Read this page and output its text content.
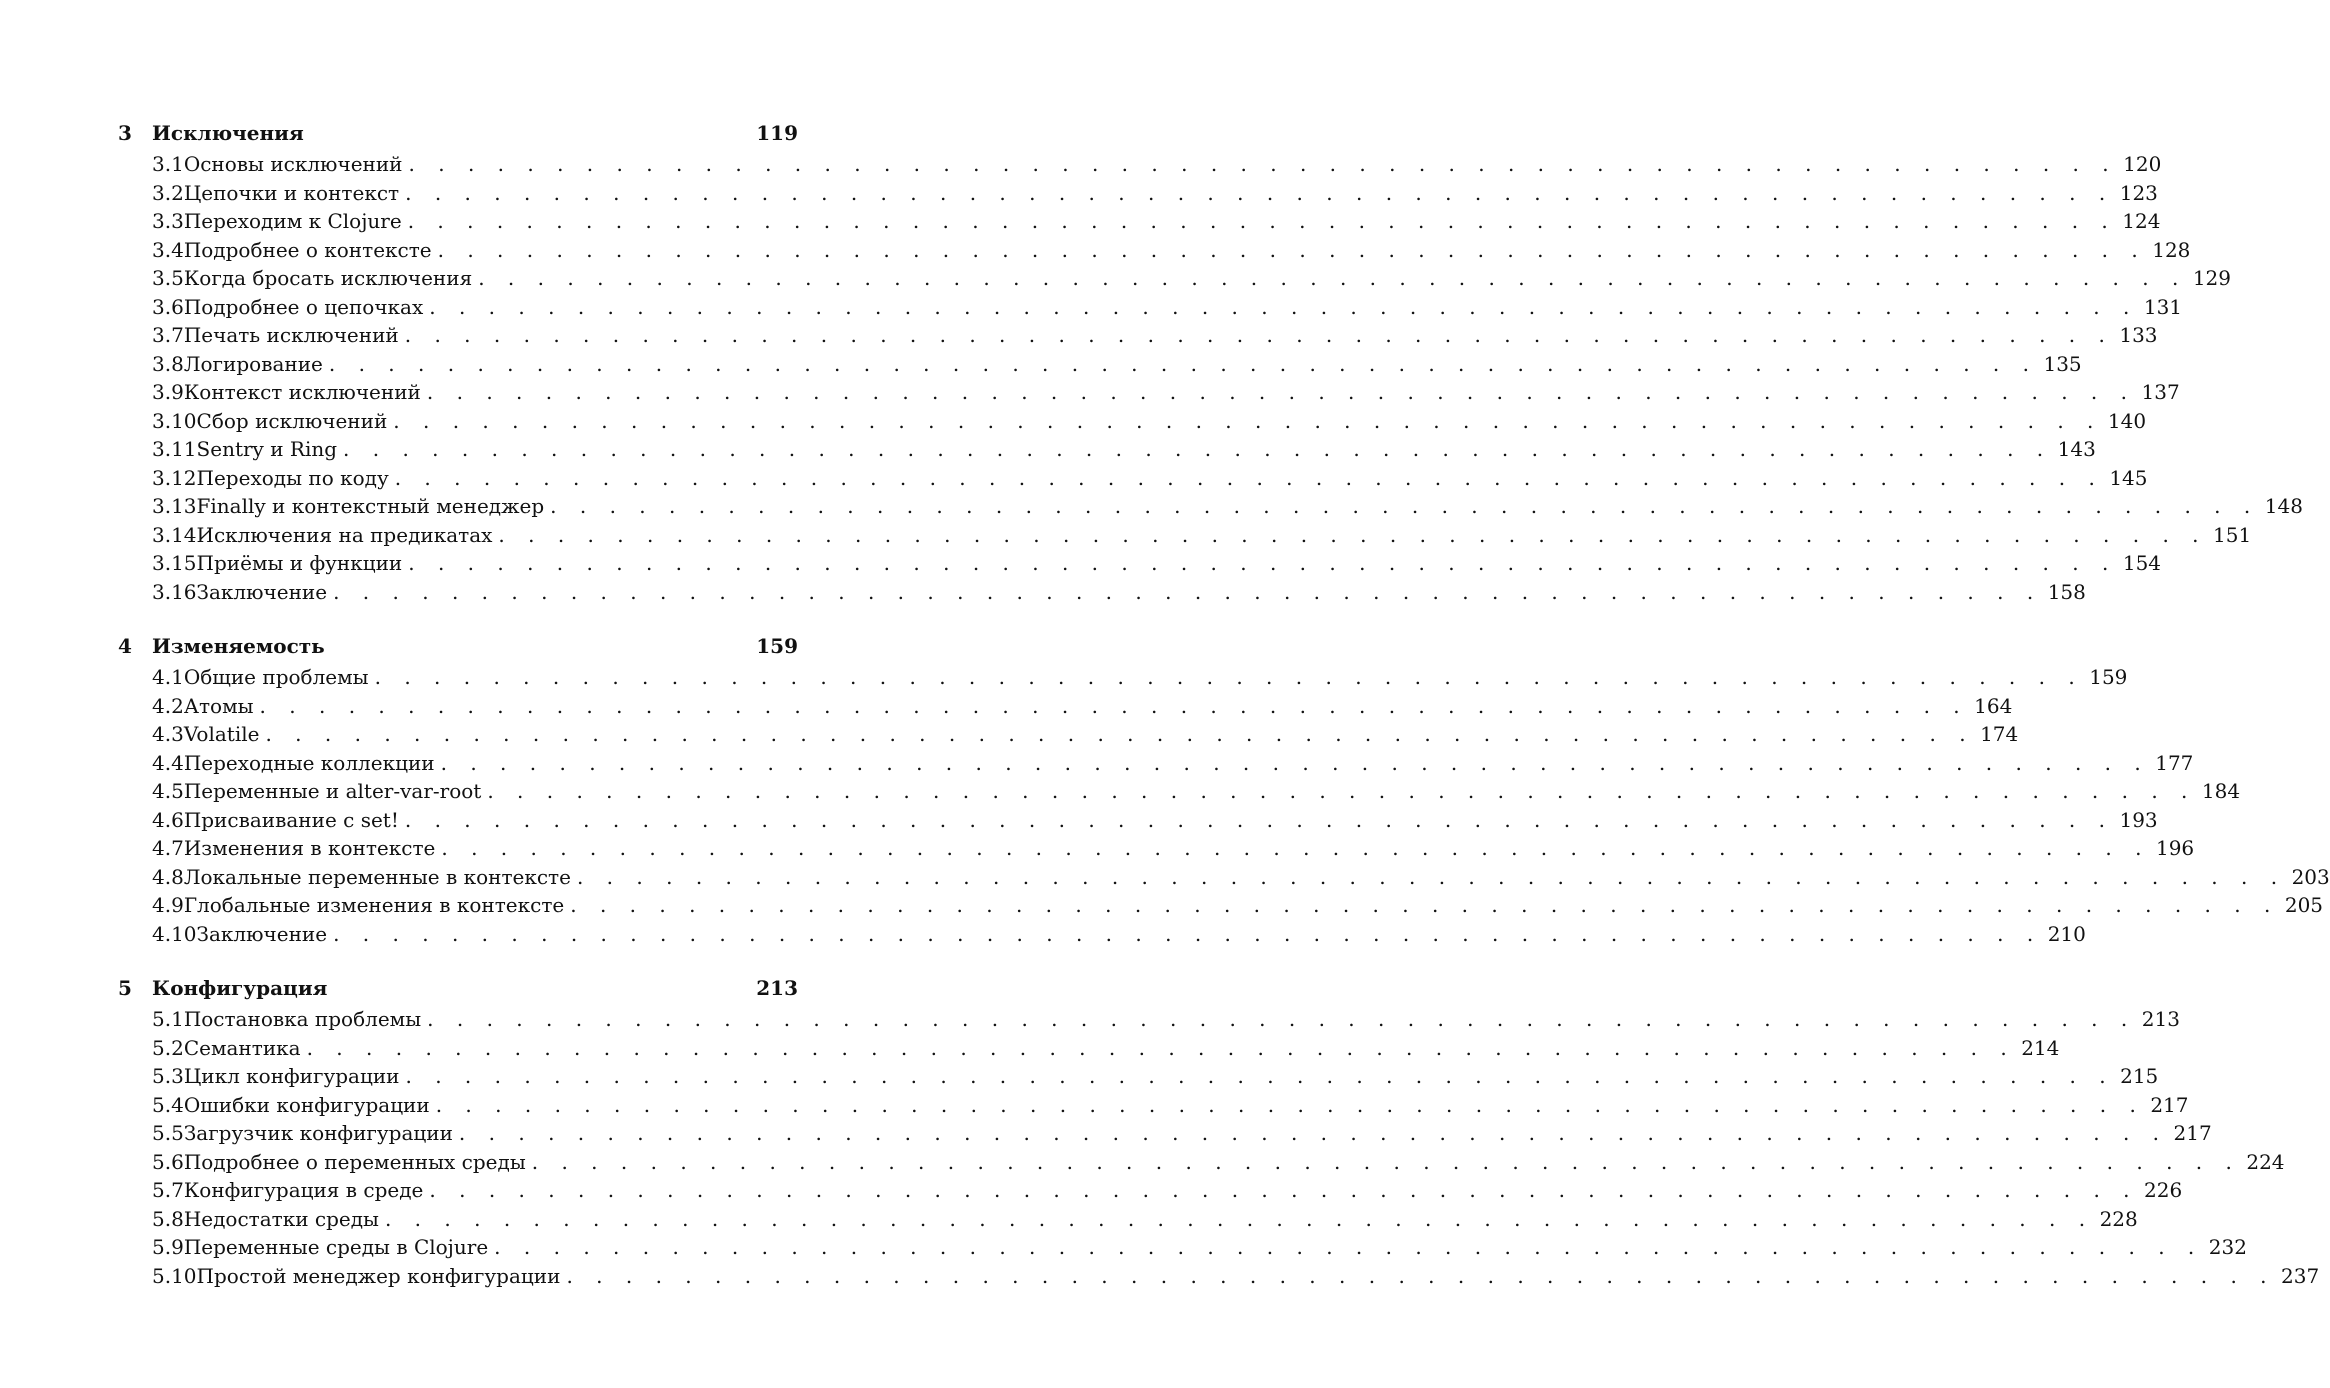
3	Исключения	119
3.1 Основы исключений . . . . . . . . . . . . . . . . . . . . . . . . . . . . . . . . . . . . . . . . . . . . . . . . . . . . . . . . . . 120
3.2 Цепочки и контекст . . . . . . . . . . . . . . . . . . . . . . . . . . . . . . . . . . . . . . . . . . . . . . . . . . . . . . . . . . 123
3.3 Переходим к Clojure . . . . . . . . . . . . . . . . . . . . . . . . . . . . . . . . . . . . . . . . . . . . . . . . . . . . . . . . . . 124
3.4 Подробнее о контексте . . . . . . . . . . . . . . . . . . . . . . . . . . . . . . . . . . . . . . . . . . . . . . . . . . . . . . . . . . 128
3.5 Когда бросать исключения . . . . . . . . . . . . . . . . . . . . . . . . . . . . . . . . . . . . . . . . . . . . . . . . . . . . . . . . . . 129
3.6 Подробнее о цепочках . . . . . . . . . . . . . . . . . . . . . . . . . . . . . . . . . . . . . . . . . . . . . . . . . . . . . . . . . . 131
3.7 Печать исключений . . . . . . . . . . . . . . . . . . . . . . . . . . . . . . . . . . . . . . . . . . . . . . . . . . . . . . . . . . 133
3.8 Логирование . . . . . . . . . . . . . . . . . . . . . . . . . . . . . . . . . . . . . . . . . . . . . . . . . . . . . . . . . . 135
3.9 Контекст исключений . . . . . . . . . . . . . . . . . . . . . . . . . . . . . . . . . . . . . . . . . . . . . . . . . . . . . . . . . . 137
3.10 Сбор исключений . . . . . . . . . . . . . . . . . . . . . . . . . . . . . . . . . . . . . . . . . . . . . . . . . . . . . . . . . . 140
3.11 Sentry и Ring . . . . . . . . . . . . . . . . . . . . . . . . . . . . . . . . . . . . . . . . . . . . . . . . . . . . . . . . . . 143
3.12 Переходы по коду . . . . . . . . . . . . . . . . . . . . . . . . . . . . . . . . . . . . . . . . . . . . . . . . . . . . . . . . . . 145
3.13 Finally и контекстный менеджер . . . . . . . . . . . . . . . . . . . . . . . . . . . . . . . . . . . . . . . . . . . . . . . . . . . . . . . . . . 148
3.14 Исключения на предикатах . . . . . . . . . . . . . . . . . . . . . . . . . . . . . . . . . . . . . . . . . . . . . . . . . . . . . . . . . . 151
3.15 Приёмы и функции . . . . . . . . . . . . . . . . . . . . . . . . . . . . . . . . . . . . . . . . . . . . . . . . . . . . . . . . . . 154
3.16 Заключение . . . . . . . . . . . . . . . . . . . . . . . . . . . . . . . . . . . . . . . . . . . . . . . . . . . . . . . . . . 158
4	Изменяемость	159
4.1 Общие проблемы . . . . . . . . . . . . . . . . . . . . . . . . . . . . . . . . . . . . . . . . . . . . . . . . . . . . . . . . . . 159
4.2 Атомы . . . . . . . . . . . . . . . . . . . . . . . . . . . . . . . . . . . . . . . . . . . . . . . . . . . . . . . . . . 164
4.3 Volatile . . . . . . . . . . . . . . . . . . . . . . . . . . . . . . . . . . . . . . . . . . . . . . . . . . . . . . . . . . 174
4.4 Переходные коллекции . . . . . . . . . . . . . . . . . . . . . . . . . . . . . . . . . . . . . . . . . . . . . . . . . . . . . . . . . . 177
4.5 Переменные и alter-var-root . . . . . . . . . . . . . . . . . . . . . . . . . . . . . . . . . . . . . . . . . . . . . . . . . . . . . . . . . . 184
4.6 Присваивание с set! . . . . . . . . . . . . . . . . . . . . . . . . . . . . . . . . . . . . . . . . . . . . . . . . . . . . . . . . . . 193
4.7 Изменения в контексте . . . . . . . . . . . . . . . . . . . . . . . . . . . . . . . . . . . . . . . . . . . . . . . . . . . . . . . . . . 196
4.8 Локальные переменные в контексте . . . . . . . . . . . . . . . . . . . . . . . . . . . . . . . . . . . . . . . . . . . . . . . . . . . . . . . . . . 203
4.9 Глобальные изменения в контексте . . . . . . . . . . . . . . . . . . . . . . . . . . . . . . . . . . . . . . . . . . . . . . . . . . . . . . . . . . 205
4.10 Заключение . . . . . . . . . . . . . . . . . . . . . . . . . . . . . . . . . . . . . . . . . . . . . . . . . . . . . . . . . . 210
5	Конфигурация	213
5.1 Постановка проблемы . . . . . . . . . . . . . . . . . . . . . . . . . . . . . . . . . . . . . . . . . . . . . . . . . . . . . . . . . . 213
5.2 Семантика . . . . . . . . . . . . . . . . . . . . . . . . . . . . . . . . . . . . . . . . . . . . . . . . . . . . . . . . . . 214
5.3 Цикл конфигурации . . . . . . . . . . . . . . . . . . . . . . . . . . . . . . . . . . . . . . . . . . . . . . . . . . . . . . . . . . 215
5.4 Ошибки конфигурации . . . . . . . . . . . . . . . . . . . . . . . . . . . . . . . . . . . . . . . . . . . . . . . . . . . . . . . . . . 217
5.5 Загрузчик конфигурации . . . . . . . . . . . . . . . . . . . . . . . . . . . . . . . . . . . . . . . . . . . . . . . . . . . . . . . . . . 217
5.6 Подробнее о переменных среды . . . . . . . . . . . . . . . . . . . . . . . . . . . . . . . . . . . . . . . . . . . . . . . . . . . . . . . . . . 224
5.7 Конфигурация в среде . . . . . . . . . . . . . . . . . . . . . . . . . . . . . . . . . . . . . . . . . . . . . . . . . . . . . . . . . . 226
5.8 Недостатки среды . . . . . . . . . . . . . . . . . . . . . . . . . . . . . . . . . . . . . . . . . . . . . . . . . . . . . . . . . . 228
5.9 Переменные среды в Clojure . . . . . . . . . . . . . . . . . . . . . . . . . . . . . . . . . . . . . . . . . . . . . . . . . . . . . . . . . . 232
5.10 Простой менеджер конфигурации . . . . . . . . . . . . . . . . . . . . . . . . . . . . . . . . . . . . . . . . . . . . . . . . . . . . . . . . . . 237
